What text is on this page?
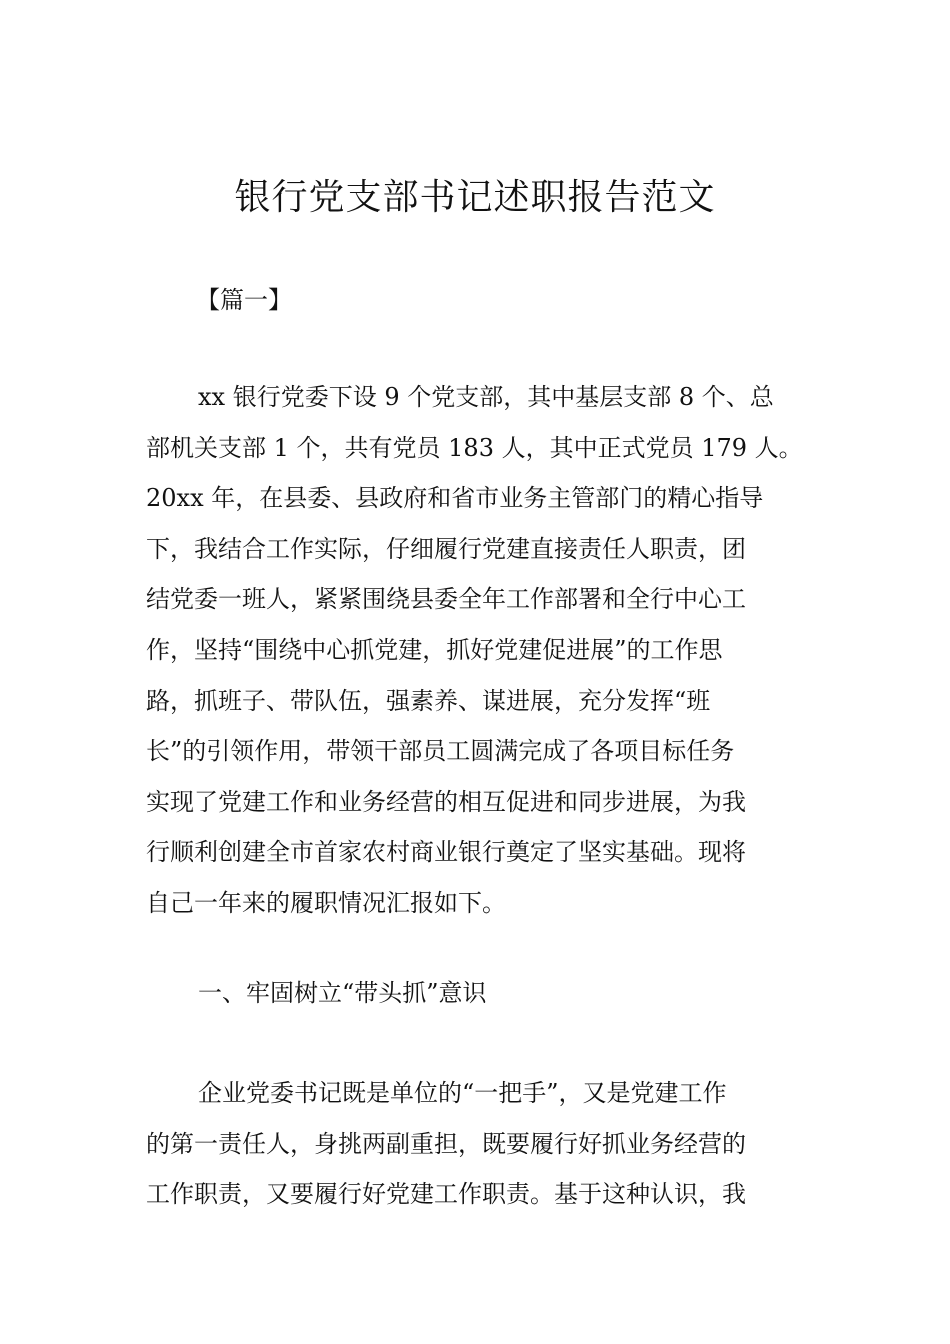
银行党支部书记述职报告范文
【篇一】
xx 银行党委下设 9 个党支部，其中基层支部 8 个、总
部机关支部 1 个，共有党员 183 人，其中正式党员 179 人。
20xx 年，在县委、县政府和省市业务主管部门的精心指导
下，我结合工作实际，仔细履行党建直接责任人职责，团
结党委一班人，紧紧围绕县委全年工作部署和全行中心工
作，坚持“围绕中心抓党建，抓好党建促进展”的工作思
路，抓班子、带队伍，强素养、谋进展，充分发挥“班
长”的引领作用，带领干部员工圆满完成了各项目标任务
实现了党建工作和业务经营的相互促进和同步进展，为我
行顺利创建全市首家农村商业银行奠定了坚实基础。现将
自己一年来的履职情况汇报如下。
一、牢固树立“带头抓”意识
企业党委书记既是单位的“一把手”，又是党建工作
的第一责任人，身挑两副重担，既要履行好抓业务经营的
工作职责，又要履行好党建工作职责。基于这种认识，我
